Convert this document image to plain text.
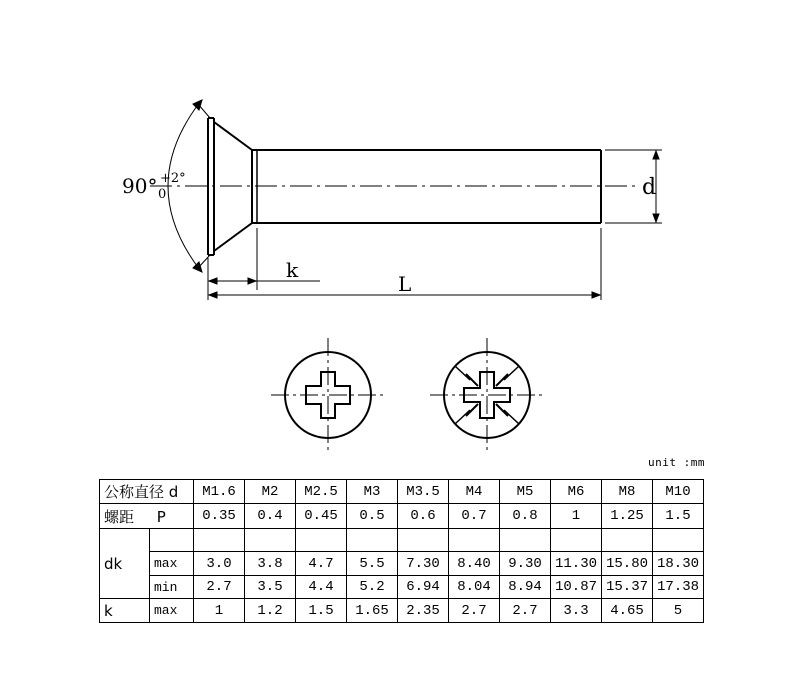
90° +2°
0	d
k
L
unit :mm
公称直径 d		M1.6	M2	M2.5	M3	M3.5	M4	M5	M6	M8	M10
螺距 P		0.35	0.4	0.45	0.5	0.6	0.7	0.8	1	1.25	1.5
dk											
	max	3.0	3.8	4.7	5.5	7.30	8.40	9.30	11.30	15.80	18.30
	min	2.7	3.5	4.4	5.2	6.94	8.04	8.94	10.87	15.37	17.38
k	max	1	1.2	1.5	1.65	2.35	2.7	2.7	3.3	4.65	5
